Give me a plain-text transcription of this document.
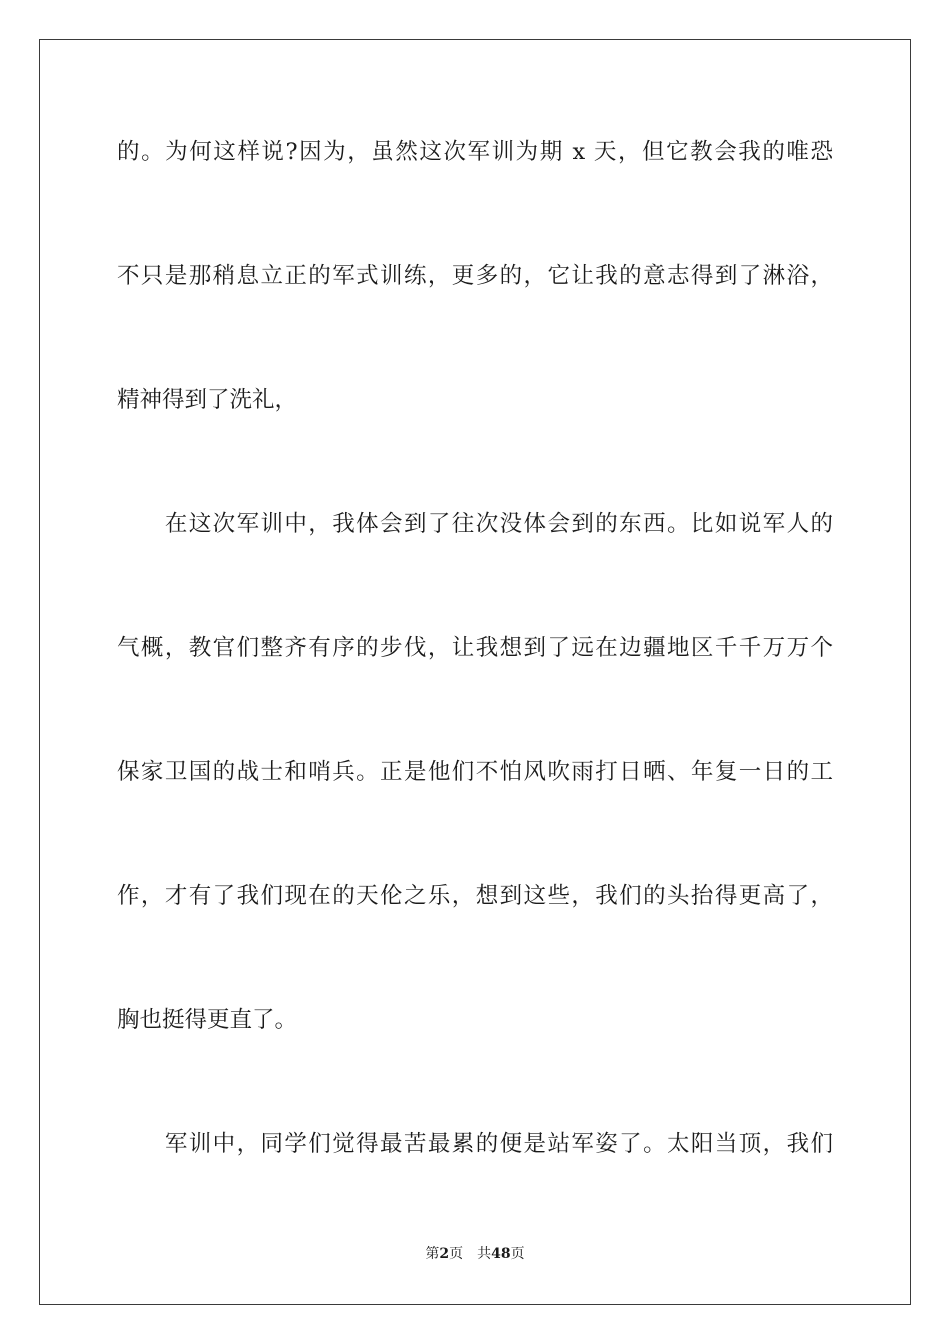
的。为何这样说?因为，虽然这次军训为期 x 天，但它教会我的唯恐
不只是那稍息立正的军式训练，更多的，它让我的意志得到了淋浴，
精神得到了洗礼，
　　在这次军训中，我体会到了往次没体会到的东西。比如说军人的
气概，教官们整齐有序的步伐，让我想到了远在边疆地区千千万万个
保家卫国的战士和哨兵。正是他们不怕风吹雨打日晒、年复一日的工
作，才有了我们现在的天伦之乐，想到这些，我们的头抬得更高了，
胸也挺得更直了。
　　军训中，同学们觉得最苦最累的便是站军姿了。太阳当顶，我们
第2页 共48页
